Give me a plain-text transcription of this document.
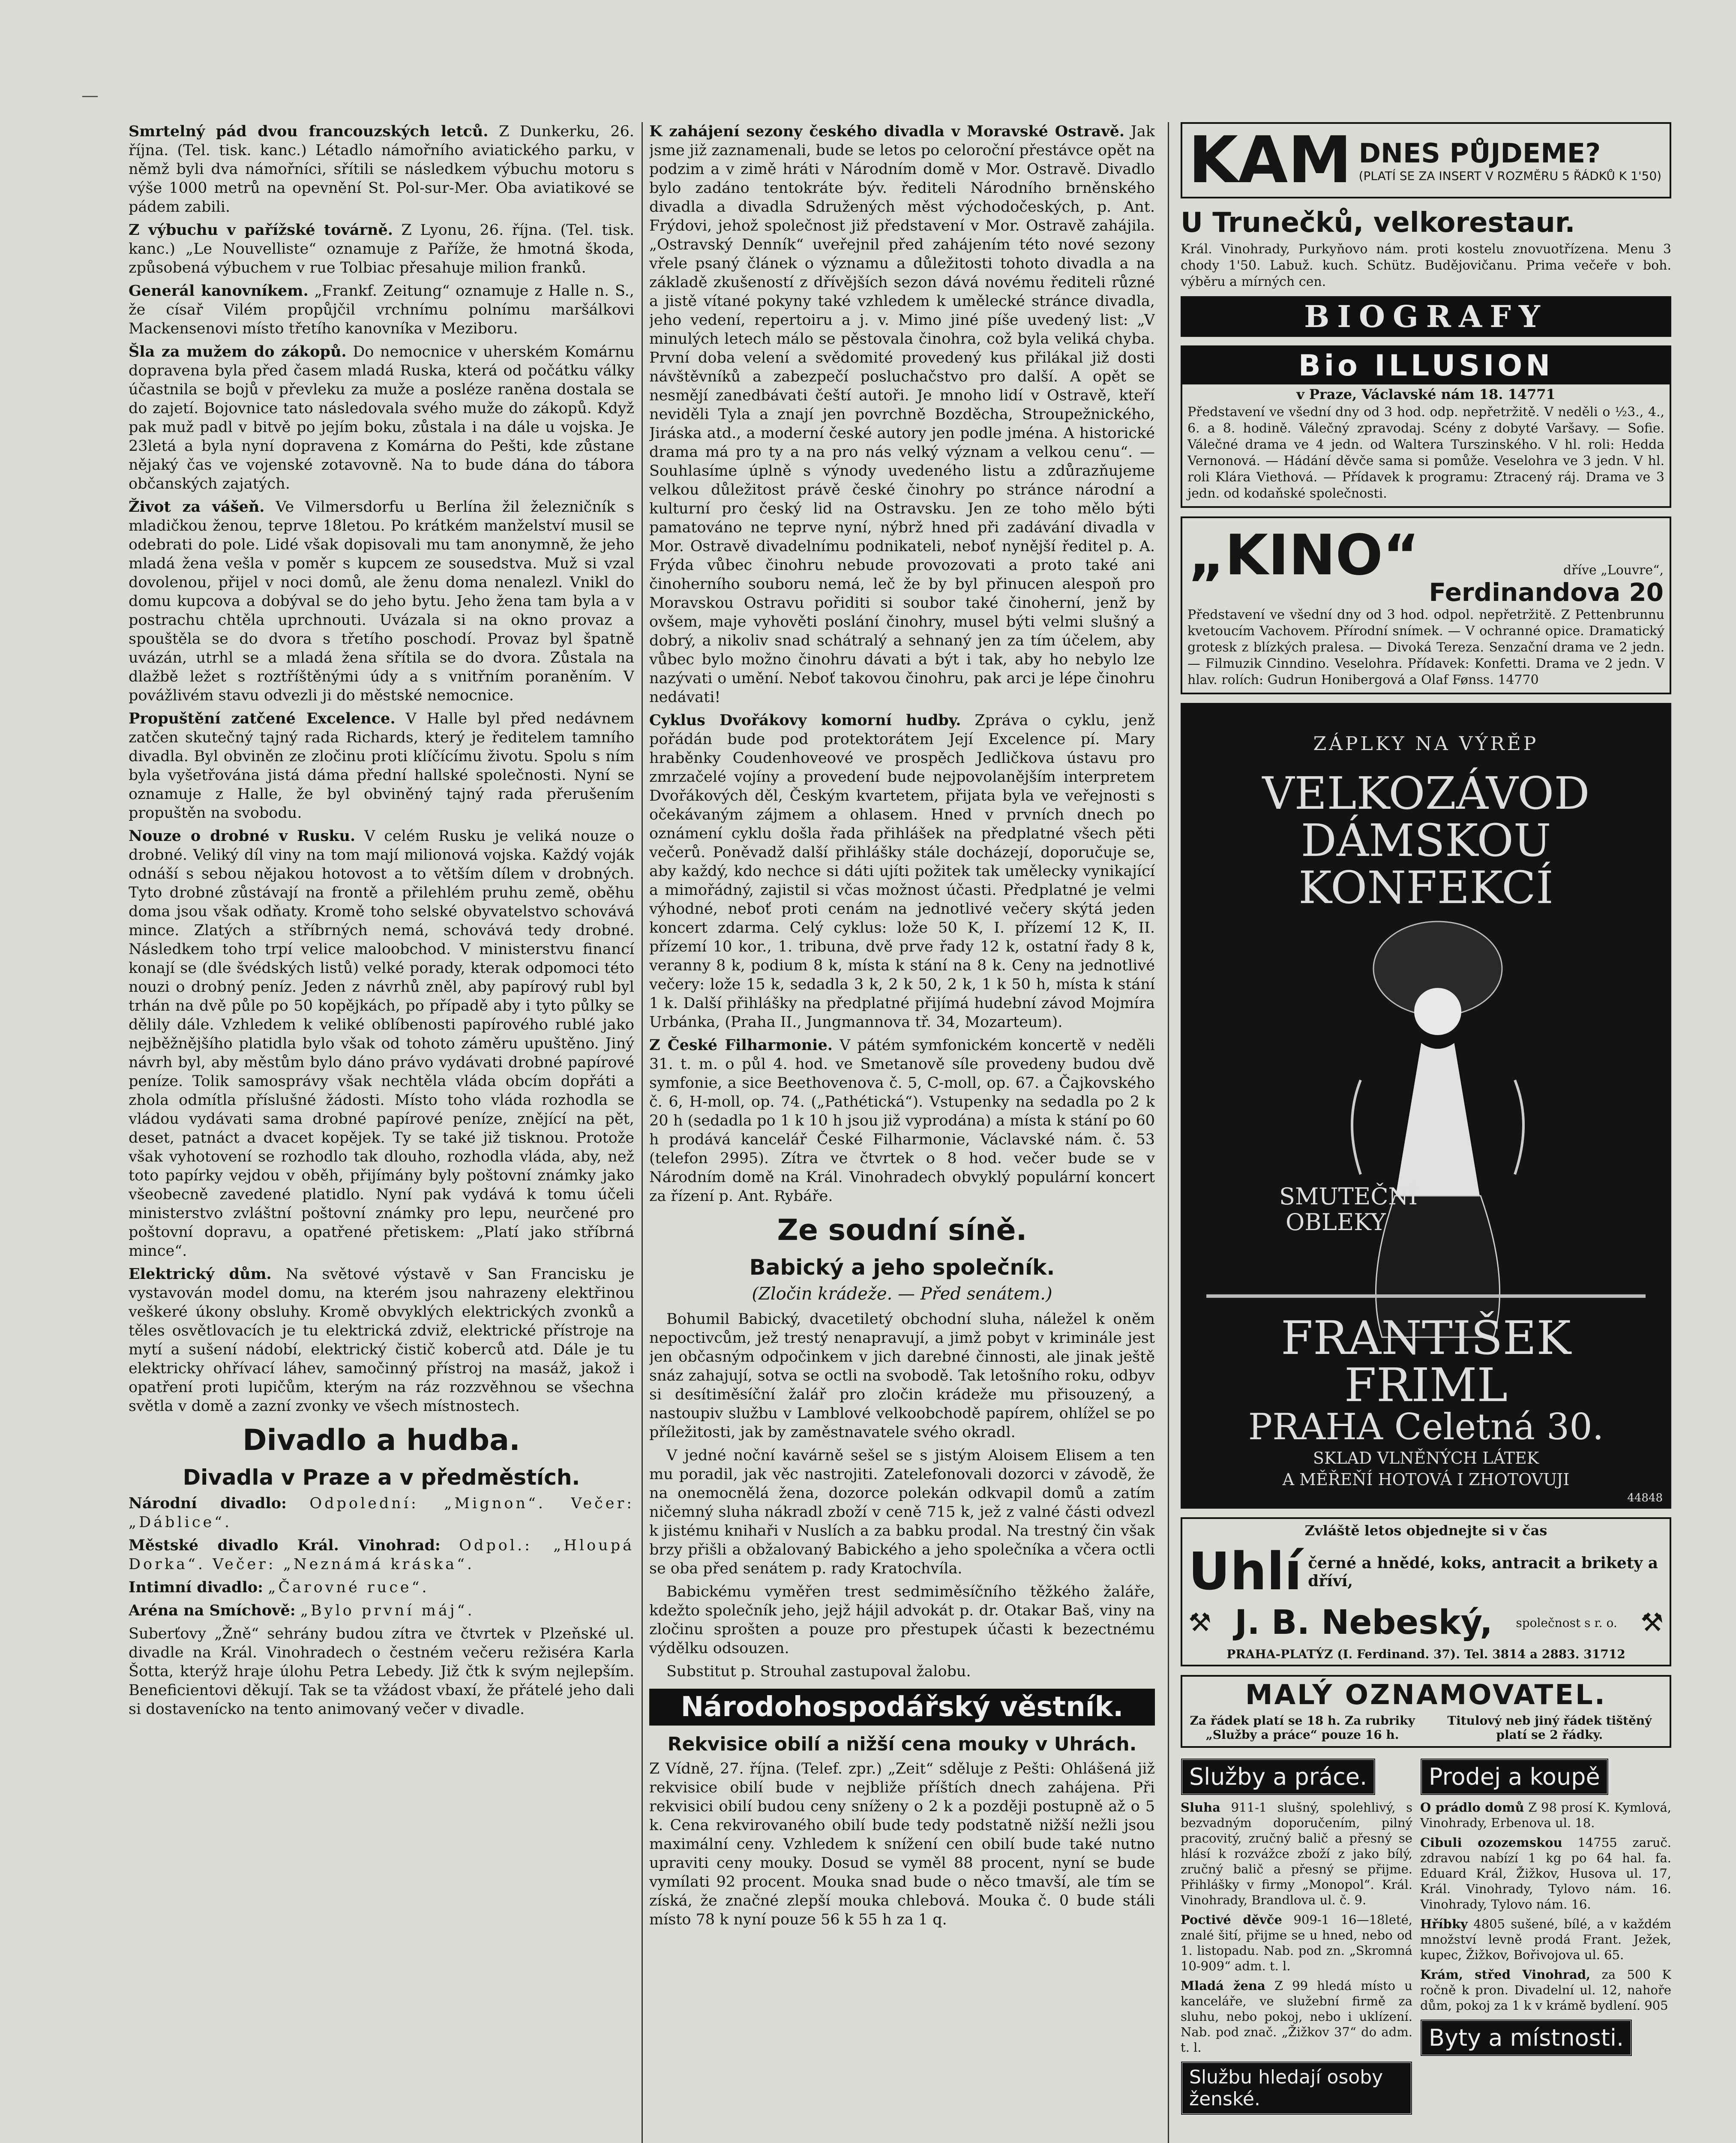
—

Smrtelný pád dvou francouzských letců. Z Dunkerku, 26. října. (Tel. tisk. kanc.) Létadlo námořního aviatického parku, v němž byli dva námořníci, sřítili se následkem výbuchu motoru s výše 1000 metrů na opevnění St. Pol-sur-Mer. Oba aviatikové se pádem zabili.

Z výbuchu v pařížské továrně. Z Lyonu, 26. října. (Tel. tisk. kanc.) „Le Nouvelliste“ oznamuje z Paříže, že hmotná škoda, způsobená výbuchem v rue Tolbiac přesahuje milion franků.

Generál kanovníkem. „Frankf. Zeitung“ oznamuje z Halle n. S., že císař Vilém propůjčil vrchnímu polnímu maršálkovi Mackensenovi místo třetího kanovníka v Meziboru.

Šla za mužem do zákopů. Do nemocnice v uherském Komárnu dopravena byla před časem mladá Ruska, která od počátku války účastnila se bojů v převleku za muže a posléze raněna dostala se do zajetí. Bojovnice tato následovala svého muže do zákopů. Když pak muž padl v bitvě po jejím boku, zůstala i na dále u vojska. Je 23letá a byla nyní dopravena z Komárna do Pešti, kde zůstane nějaký čas ve vojenské zotavovně. Na to bude dána do tábora občanských zajatých.

Život za vášeň. Ve Vilmersdorfu u Berlína žil železničník s mladičkou ženou, teprve 18letou. Po krátkém manželství musil se odebrati do pole. Lidé však dopisovali mu tam anonymně, že jeho mladá žena vešla v poměr s kupcem ze sousedstva. Muž si vzal dovolenou, přijel v noci domů, ale ženu doma nenalezl. Vnikl do domu kupcova a dobýval se do jeho bytu. Jeho žena tam byla a v postrachu chtěla uprchnouti. Uvázala si na okno provaz a spouštěla se do dvora s třetího poschodí. Provaz byl špatně uvázán, utrhl se a mladá žena sřítila se do dvora. Zůstala na dlažbě ležet s roztříštěnými údy a s vnitřním poraněním. V povážlivém stavu odvezli ji do městské nemocnice.

Propuštění zatčené Excelence. V Halle byl před nedávnem zatčen skutečný tajný rada Richards, který je ředitelem tamního divadla. Byl obviněn ze zločinu proti klíčícímu životu. Spolu s ním byla vyšetřována jistá dáma přední hallské společnosti. Nyní se oznamuje z Halle, že byl obviněný tajný rada přerušením propuštěn na svobodu.

Nouze o drobné v Rusku. V celém Rusku je veliká nouze o drobné. Veliký díl viny na tom mají milionová vojska. Každý voják odnáší s sebou nějakou hotovost a to větším dílem v drobných. Tyto drobné zůstávají na frontě a přilehlém pruhu země, oběhu doma jsou však odňaty. Kromě toho selské obyvatelstvo schovává mince. Zlatých a stříbrných nemá, schovává tedy drobné. Následkem toho trpí velice maloobchod. V ministerstvu financí konají se (dle švédských listů) velké porady, kterak odpomoci této nouzi o drobný peníz. Jeden z návrhů zněl, aby papírový rubl byl trhán na dvě půle po 50 kopějkách, po případě aby i tyto půlky se dělily dále. Vzhledem k veliké oblíbenosti papírového rublé jako nejběžnějšího platidla bylo však od tohoto záměru upuštěno. Jiný návrh byl, aby městům bylo dáno právo vydávati drobné papírové peníze. Tolik samosprávy však nechtěla vláda obcím dopřáti a zhola odmítla příslušné žádosti. Místo toho vláda rozhodla se vládou vydávati sama drobné papírové peníze, znějící na pět, deset, patnáct a dvacet kopějek. Ty se také již tisknou. Protože však vyhotovení se rozhodlo tak dlouho, rozhodla vláda, aby, než toto papírky vejdou v oběh, přijímány byly poštovní známky jako všeobecně zavedené platidlo. Nyní pak vydává k tomu účeli ministerstvo zvláštní poštovní známky pro lepu, neurčené pro poštovní dopravu, a opatřené přetiskem: „Platí jako stříbrná mince“.

Elektrický dům. Na světové výstavě v San Francisku je vystavován model domu, na kterém jsou nahrazeny elektřinou veškeré úkony obsluhy. Kromě obvyklých elektrických zvonků a těles osvětlovacích je tu elektrická zdviž, elektrické přístroje na mytí a sušení nádobí, elektrický čistič koberců atd. Dále je tu elektricky ohřívací láhev, samočinný přístroj na masáž, jakož i opatření proti lupičům, kterým na ráz rozzvěhnou se všechna světla v domě a zazní zvonky ve všech místnostech.

Divadlo a hudba.
Divadla v Praze a v předměstích.

Národní divadlo: Odpolední: „Mignon“. Večer: „Dáblice“.

Městské divadlo Král. Vinohrad: Odpol.: „Hloupá Dorka“. Večer: „Neznámá kráska“.

Intimní divadlo: „Čarovné ruce“.

Aréna na Smíchově: „Bylo první máj“.

Suberťovy „Žně“ sehrány budou zítra ve čtvrtek v Plzeňské ul. divadle na Král. Vinohradech o čestném večeru režiséra Karla Šotta, kterýž hraje úlohu Petra Lebedy. Již čtk k svým nejlepším. Beneficientovi děkují. Tak se ta vžádost vbaxí, že přátelé jeho dali si dostavenícko na tento animovaný večer v divadle.

K zahájení sezony českého divadla v Moravské Ostravě. Jak jsme již zaznamenali, bude se letos po celoroční přestávce opět na podzim a v zimě hráti v Národním domě v Mor. Ostravě. Divadlo bylo zadáno tentokráte býv. řediteli Národního brněnského divadla a divadla Sdružených měst východočeských, p. Ant. Frýdovi, jehož společnost již představení v Mor. Ostravě zahájila. „Ostravský Denník“ uveřejnil před zahájením této nové sezony vřele psaný článek o významu a důležitosti tohoto divadla a na základě zkušeností z dřívějších sezon dává novému řediteli různé a jistě vítané pokyny také vzhledem k umělecké stránce divadla, jeho vedení, repertoiru a j. v. Mimo jiné píše uvedený list: „V minulých letech málo se pěstovala činohra, což byla veliká chyba. První doba velení a svědomité provedený kus přilákal již dosti návštěvníků a zabezpečí posluchačstvo pro další. A opět se nesmějí zanedbávati čeští autoři. Je mnoho lidí v Ostravě, kteří neviděli Tyla a znají jen povrchně Bozděcha, Stroupežnického, Jiráska atd., a moderní české autory jen podle jména. A historické drama má pro ty a na pro nás velký význam a velkou cenu“. — Souhlasíme úplně s výnody uvedeného listu a zdůrazňujeme velkou důležitost právě české činohry po stránce národní a kulturní pro český lid na Ostravsku. Jen ze toho mělo býti pamatováno ne teprve nyní, nýbrž hned při zadávání divadla v Mor. Ostravě divadelnímu podnikateli, neboť nynější ředitel p. A. Frýda vůbec činohru nebude provozovati a proto také ani činoherního souboru nemá, leč že by byl přinucen alespoň pro Moravskou Ostravu pořiditi si soubor také činoherní, jenž by ovšem, maje vyhověti poslání činohry, musel býti velmi slušný a dobrý, a nikoliv snad schátralý a sehnaný jen za tím účelem, aby vůbec bylo možno činohru dávati a být i tak, aby ho nebylo lze nazývati o umění. Neboť takovou činohru, pak arci je lépe činohru nedávati!

Cyklus Dvořákovy komorní hudby. Zpráva o cyklu, jenž pořádán bude pod protektorátem Její Excelence pí. Mary hraběnky Coudenhoveové ve prospěch Jedličkova ústavu pro zmrzačelé vojíny a provedení bude nejpovolanějším interpretem Dvořákových děl, Českým kvartetem, přijata byla ve veřejnosti s očekávaným zájmem a ohlasem. Hned v prvních dnech po oznámení cyklu došla řada přihlášek na předplatné všech pěti večerů. Poněvadž další přihlášky stále docházejí, doporučuje se, aby každý, kdo nechce si dáti ujíti požitek tak umělecky vynikající a mimořádný, zajistil si včas možnost účasti. Předplatné je velmi výhodné, neboť proti cenám na jednotlivé večery skýtá jeden koncert zdarma. Celý cyklus: lože 50 K, I. přízemí 12 K, II. přízemí 10 kor., 1. tribuna, dvě prve řady 12 k, ostatní řady 8 k, veranny 8 k, podium 8 k, místa k stání na 8 k. Ceny na jednotlivé večery: lože 15 k, sedadla 3 k, 2 k 50, 2 k, 1 k 50 h, místa k stání 1 k. Další přihlášky na předplatné přijímá hudební závod Mojmíra Urbánka, (Praha II., Jungmannova tř. 34, Mozarteum).

Z České Filharmonie. V pátém symfonickém koncertě v neděli 31. t. m. o půl 4. hod. ve Smetanově síle provedeny budou dvě symfonie, a sice Beethovenova č. 5, C-moll, op. 67. a Čajkovského č. 6, H-moll, op. 74. („Pathétická“). Vstupenky na sedadla po 2 k 20 h (sedadla po 1 k 10 h jsou již vyprodána) a místa k stání po 60 h prodává kancelář České Filharmonie, Václavské nám. č. 53 (telefon 2995). Zítra ve čtvrtek o 8 hod. večer bude se v Národním domě na Král. Vinohradech obvyklý populární koncert za řízení p. Ant. Rybáře.

Ze soudní síně.
Babický a jeho společník.
(Zločin krádeže. — Před senátem.)

Bohumil Babický, dvacetiletý obchodní sluha, náležel k oněm nepoctivcům, jež trestý nenapravují, a jimž pobyt v kriminále jest jen občasným odpočinkem v jich darebné činnosti, ale jinak ještě snáz zahajují, sotva se octli na svobodě. Tak letošního roku, odbyv si desítiměsíční žalář pro zločin krádeže mu přisouzený, a nastoupiv službu v Lamblové velkoobchodě papírem, ohlížel se po příležitosti, jak by zaměstnavatele svého okradl.

V jedné noční kavárně sešel se s jistým Aloisem Elisem a ten mu poradil, jak věc nastrojiti. Zatelefonovali dozorci v závodě, že na onemocnělá žena, dozorce polekán odkvapil domů a zatím ničemný sluha nákradl zboží v ceně 715 k, jež z valné části odvezl k jistému knihaři v Nuslích a za babku prodal. Na trestný čin však brzy přišli a obžalovaný Babického a jeho společníka a včera octli se oba před senátem p. rady Kratochvíla.

Babickému vyměřen trest sedmiměsíčního těžkého žaláře, kdežto společník jeho, jejž hájil advokát p. dr. Otakar Baš, viny na zločinu sprošten a pouze pro přestupek účasti k bezectnému výdělku odsouzen.

Substitut p. Strouhal zastupoval žalobu.

Národohospodářský věstník.
Rekvisice obilí a nižší cena mouky v Uhrách.

Z Vídně, 27. října. (Telef. zpr.) „Zeit“ sděluje z Pešti: Ohlášená již rekvisice obilí bude v nejbliže příštích dnech zahájena. Při rekvisici obilí budou ceny sníženy o 2 k a později postupně až o 5 k. Cena rekvirovaného obilí bude tedy podstatně nižší nežli jsou maximální ceny. Vzhledem k snížení cen obilí bude také nutno upraviti ceny mouky. Dosud se vyměl 88 procent, nyní se bude vymílati 92 procent. Mouka snad bude o něco tmavší, ale tím se získá, že značné zlepší mouka chlebová. Mouka č. 0 bude stáli místo 78 k nyní pouze 56 k 55 h za 1 q.

KAM DNES PŮJDEME?
(PLATÍ SE ZA INSERT V ROZMĚRU 5 ŘÁDKŮ K 1'50)
U Trunečků, velkorestaur.

Král. Vinohrady, Purkyňovo nám. proti kostelu znovuotřízena. Menu 3 chody 1'50. Labuž. kuch. Schütz. Budějovičanu. Prima večeře v boh. výběru a mírných cen.

BIOGRAFY
Bio ILLUSION
v Praze, Václavské nám 18. 14771

Představení ve všední dny od 3 hod. odp. nepřetržitě. V neděli o ½3., 4., 6. a 8. hodině. Válečný zpravodaj. Scény z dobyté Varšavy. — Sofie. Válečné drama ve 4 jedn. od Waltera Turszinského. V hl. roli: Hedda Vernonová. — Hádání děvče sama si pomůže. Veselohra ve 3 jedn. V hl. roli Klára Viethová. — Přídavek k programu: Ztracený ráj. Drama ve 3 jedn. od kodaňské společnosti.

„KINO“	dříve „Louvre“,
Ferdinandova 20

Představení ve všední dny od 3 hod. odpol. nepřetržitě. Z Pettenbrunnu kvetoucím Vachovem. Přírodní snímek. — V ochranné opice. Dramatický grotesk z blízkých pralesa. — Divoká Tereza. Senzační drama ve 2 jedn. — Filmuzik Cinndino. Veselohra. Přídavek: Konfetti. Drama ve 2 jedn. V hlav. rolích: Gudrun Honibergová a Olaf Fønss. 14770

ZÁPLKY NA VÝRĚP
VELKOZÁVOD
DÁMSKOU
KONFEKCÍ
SMUTEČNÍ
OBLEKY
FRANTIŠEK
FRIML
PRAHA Celetná 30.
SKLAD VLNĚNÝCH LÁTEK
A MĚŘEŇÍ HOTOVÁ I ZHOTOVUJI
44848
Zvláště letos objednejte si v čas
Uhlí černé a hnědé, koks, antracit a brikety a dříví,
⚒ J. B. Nebeský, společnost s r. o. ⚒
PRAHA-PLATÝZ (I. Ferdinand. 37). Tel. 3814 a 2883. 31712
MALÝ OZNAMOVATEL.
Za řádek platí se 18 h. Za rubriky „Služby a práce“ pouze 16 h.
Titulový neb jiný řádek tištěný platí se 2 řádky.
Služby a práce.

Sluha 911-1 slušný, spolehlivý, s bezvadným doporučením, pilný pracovitý, zručný balič a přesný se hlásí k rozvážce zboží z jako bílý, zručný balič a přesný se přijme. Přihlášky v firmy „Monopol“. Král. Vinohrady, Brandlova ul. č. 9.

Poctivé děvče 909-1 16—18leté, znalé šití, přijme se u hned, nebo od 1. listopadu. Nab. pod zn. „Skromná 10-909“ adm. t. l.

Mladá žena Z 99 hledá místo u kanceláře, ve služební firmě za sluhu, nebo pokoj, nebo i uklízení. Nab. pod znač. „Žižkov 37“ do adm. t. l.

Službu hledají osoby ženské.
Prodej a koupě

O prádlo domů Z 98 prosí K. Kymlová, Vinohrady, Erbenova ul. 18.

Cibuli ozozemskou 14755 zaruč. zdravou nabízí 1 kg po 64 hal. fa. Eduard Král, Žižkov, Husova ul. 17, Král. Vinohrady, Tylovo nám. 16. Vinohrady, Tylovo nám. 16.

Hříbky 4805 sušené, bílé, a v každém množství levně prodá Frant. Ježek, kupec, Žižkov, Bořivojova ul. 65.

Krám, střed Vinohrad, za 500 K ročně k pron. Divadelní ul. 12, nahoře dům, pokoj za 1 k v krámě bydlení. 905

Byty a místnosti.
